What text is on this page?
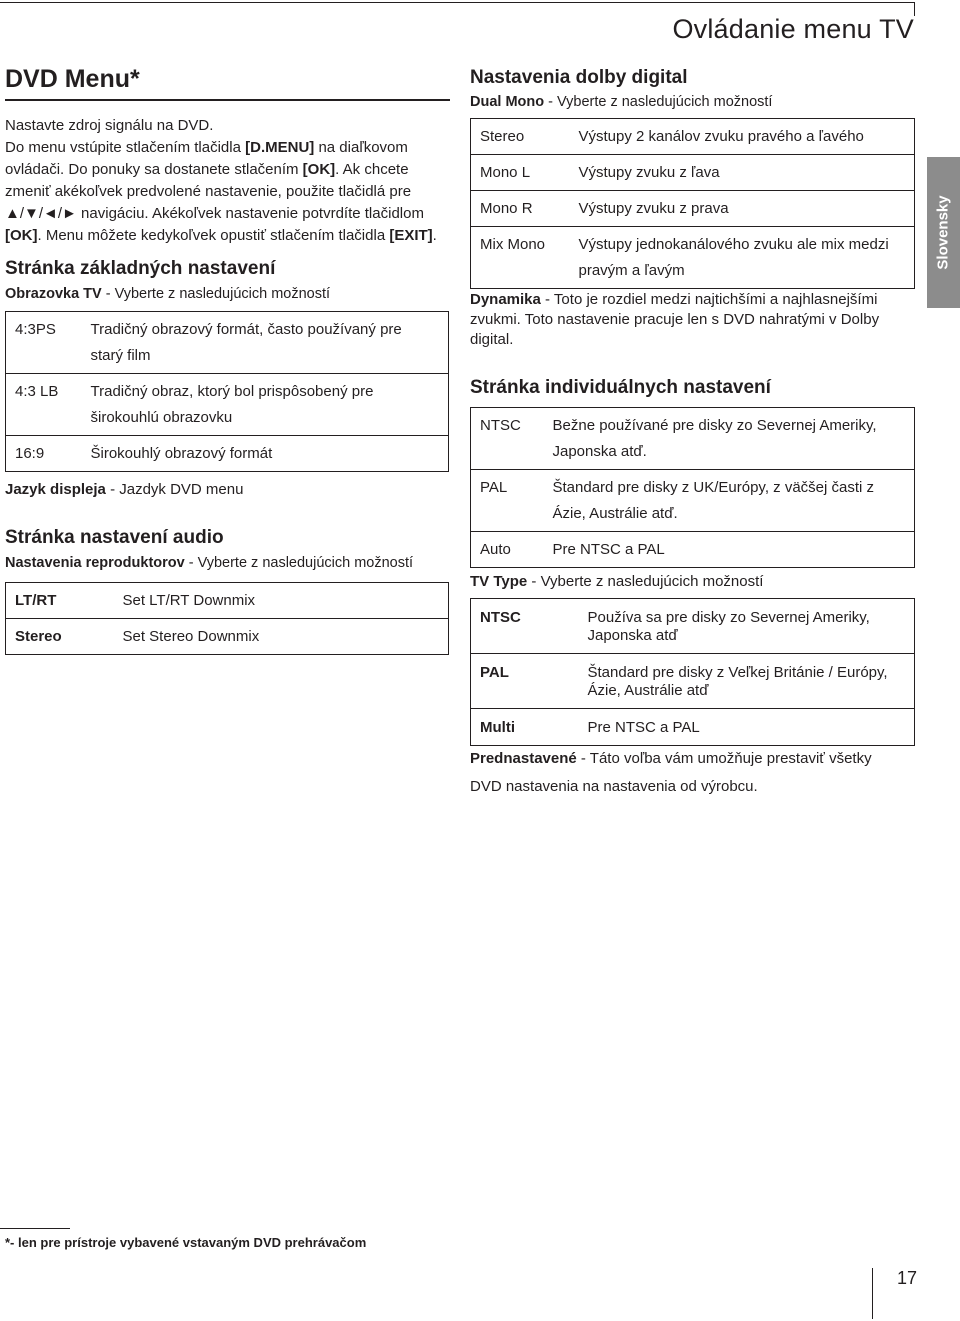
Ovládanie menu TV
Slovensky
DVD Menu*
Nastavte zdroj signálu na DVD.
Do menu vstúpite stlačením tlačidla [D.MENU] na diaľkovom
ovládači. Do ponuky sa dostanete stlačením [OK]. Ak chcete
zmeniť akékoľvek predvolené nastavenie, použite tlačidlá pre
▲/▼/◄/► navigáciu. Akékoľvek nastavenie potvrdíte tlačidlom
[OK]. Menu môžete kedykoľvek opustiť stlačením tlačidla [EXIT].
Stránka základných nastavení
Obrazovka TV - Vyberte z nasledujúcich možností
4:3PS	Tradičný obrazový formát, často používaný pre
starý film

4:3 LB	Tradičný obraz, ktorý bol prispôsobený pre
širokouhlú obrazovku

16:9	Širokouhlý obrazový formát
Jazyk displeja - Jazdyk DVD menu
Stránka nastavení audio
Nastavenia reproduktorov - Vyberte z nasledujúcich možností
LT/RT	Set LT/RT Downmix
Stereo	Set Stereo Downmix
Nastavenia dolby digital
Dual Mono - Vyberte z nasledujúcich možností
Stereo	Výstupy 2 kanálov zvuku pravého a ľavého
Mono L	Výstupy zvuku z ľava
Mono R	Výstupy zvuku z prava
Mix Mono	Výstupy jednokanálového zvuku ale mix medzi
pravým a ľavým
Dynamika - Toto je rozdiel medzi najtichšími a najhlasnejšími
zvukmi. Toto nastavenie pracuje len s DVD nahratými v Dolby
digital.
Stránka individuálnych nastavení
NTSC	Bežne používané pre disky zo Severnej Ameriky,
Japonska atď.

PAL	Štandard pre disky z UK/Európy, z väčšej časti z
Ázie, Austrálie atď.

Auto	Pre NTSC a PAL
TV Type - Vyberte z nasledujúcich možností
NTSC	Používa sa pre disky zo Severnej Ameriky,
Japonska atď

PAL	Štandard pre disky z Veľkej Británie / Európy,
Ázie, Austrálie atď

Multi	Pre NTSC a PAL
Prednastavené - Táto voľba vám umožňuje prestaviť všetky
DVD nastavenia na nastavenia od výrobcu.
*- len pre prístroje vybavené vstavaným DVD prehrávačom
17
